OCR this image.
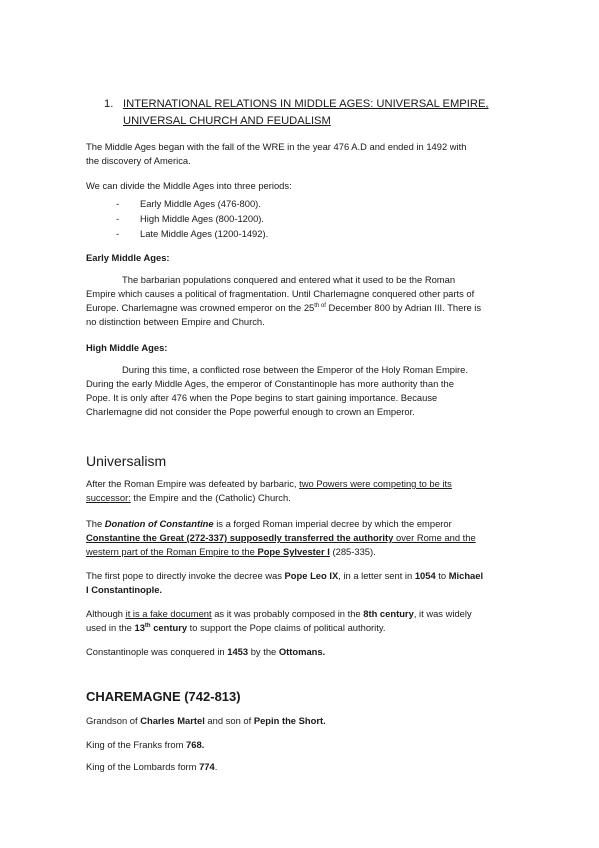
1. INTERNATIONAL RELATIONS IN MIDDLE AGES: UNIVERSAL EMPIRE,
UNIVERSAL CHURCH AND FEUDALISM

The Middle Ages began with the fall of the WRE in the year 476 A.D and ended in 1492 with
the discovery of America.

We can divide the Middle Ages into three periods:

- Early Middle Ages (476-800).
- High Middle Ages (800-1200).
- Late Middle Ages (1200-1492).

Early Middle Ages:

The barbarian populations conquered and entered what it used to be the Roman
Empire which causes a political of fragmentation. Until Charlemagne conquered other parts of
Europe. Charlemagne was crowned emperor on the $25^{th of}$ December 800 by Adrian III. There is
no distinction between Empire and Church.

High Middle Ages:

During this time, a conflicted rose between the Emperor of the Holy Roman Empire.
During the early Middle Ages, the emperor of Constantinople has more authority than the
Pope. It is only after 476 when the Pope begins to start gaining importance. Because
Charlemagne did not consider the Pope powerful enough to crown an Emperor.

Universalism

After the Roman Empire was defeated by barbaric, two Powers were competing to be its
successor: the Empire and the (Catholic) Church.

The Donation of Constantine is a forged Roman imperial decree by which the emperor
Constantine the Great (272-337) supposedly transferred the authority over Rome and the
western part of the Roman Empire to the Pope Sylvester I (285-335).

The first pope to directly invoke the decree was Pope Leo IX, in a letter sent in 1054 to Michael
I Constantinople.

Although it is a fake document as it was probably composed in the 8th century, it was widely
used in the 13th century to support the Pope claims of political authority.

Constantinople was conquered in 1453 by the Ottomans.

CHAREMAGNE (742-813)

Grandson of Charles Martel and son of Pepin the Short.

King of the Franks from 768.

King of the Lombards form 774.
